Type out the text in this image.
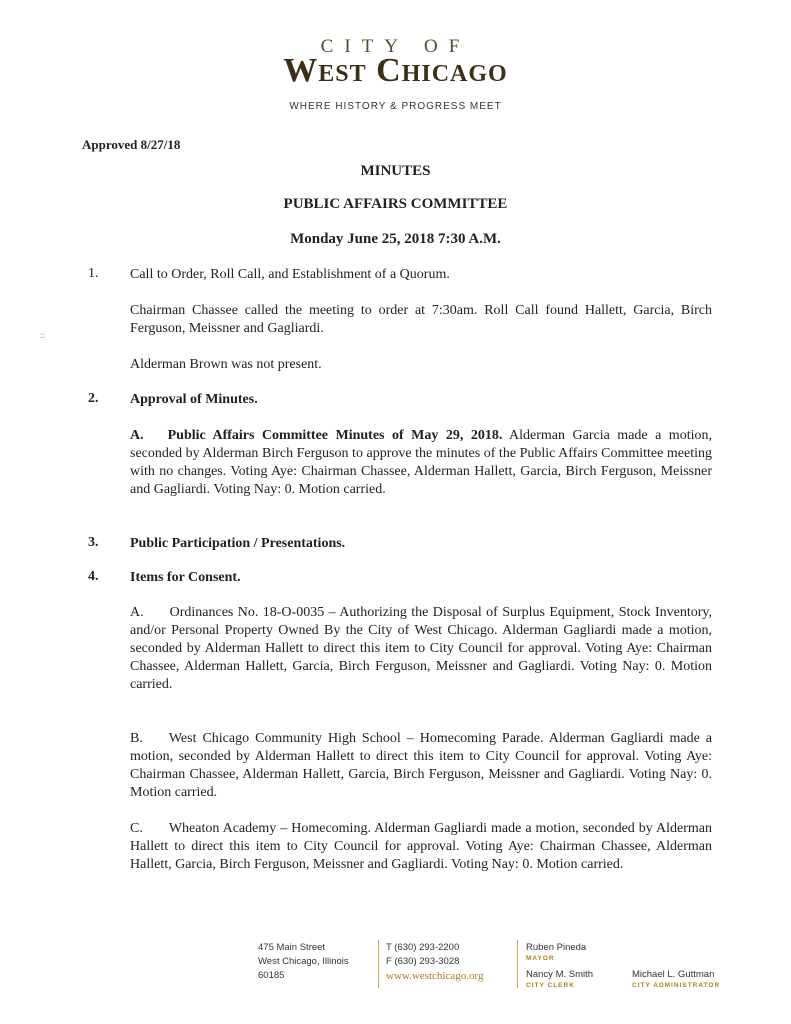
CITY OF
West Chicago
WHERE HISTORY & PROGRESS MEET
Approved 8/27/18
MINUTES
PUBLIC AFFAIRS COMMITTEE
Monday June 25, 2018 7:30 A.M.
1. Call to Order, Roll Call, and Establishment of a Quorum.
Chairman Chassee called the meeting to order at 7:30am. Roll Call found Hallett, Garcia, Birch Ferguson, Meissner and Gagliardi.
::
Alderman Brown was not present.
2. Approval of Minutes.
A. Public Affairs Committee Minutes of May 29, 2018. Alderman Garcia made a motion, seconded by Alderman Birch Ferguson to approve the minutes of the Public Affairs Committee meeting with no changes. Voting Aye: Chairman Chassee, Alderman Hallett, Garcia, Birch Ferguson, Meissner and Gagliardi. Voting Nay: 0. Motion carried.
3. Public Participation / Presentations.
4. Items for Consent.
A. Ordinances No. 18-O-0035 – Authorizing the Disposal of Surplus Equipment, Stock Inventory, and/or Personal Property Owned By the City of West Chicago. Alderman Gagliardi made a motion, seconded by Alderman Hallett to direct this item to City Council for approval. Voting Aye: Chairman Chassee, Alderman Hallett, Garcia, Birch Ferguson, Meissner and Gagliardi. Voting Nay: 0. Motion carried.
B. West Chicago Community High School – Homecoming Parade. Alderman Gagliardi made a motion, seconded by Alderman Hallett to direct this item to City Council for approval. Voting Aye: Chairman Chassee, Alderman Hallett, Garcia, Birch Ferguson, Meissner and Gagliardi. Voting Nay: 0. Motion carried.
C. Wheaton Academy – Homecoming. Alderman Gagliardi made a motion, seconded by Alderman Hallett to direct this item to City Council for approval. Voting Aye: Chairman Chassee, Alderman Hallett, Garcia, Birch Ferguson, Meissner and Gagliardi. Voting Nay: 0. Motion carried.
475 Main Street
West Chicago, Illinois
60185
T (630) 293-2200
F (630) 293-3028
www.westchicago.org
Ruben Pineda
MAYOR
Nancy M. Smith
CITY CLERK
Michael L. Guttman
CITY ADMINISTRATOR
